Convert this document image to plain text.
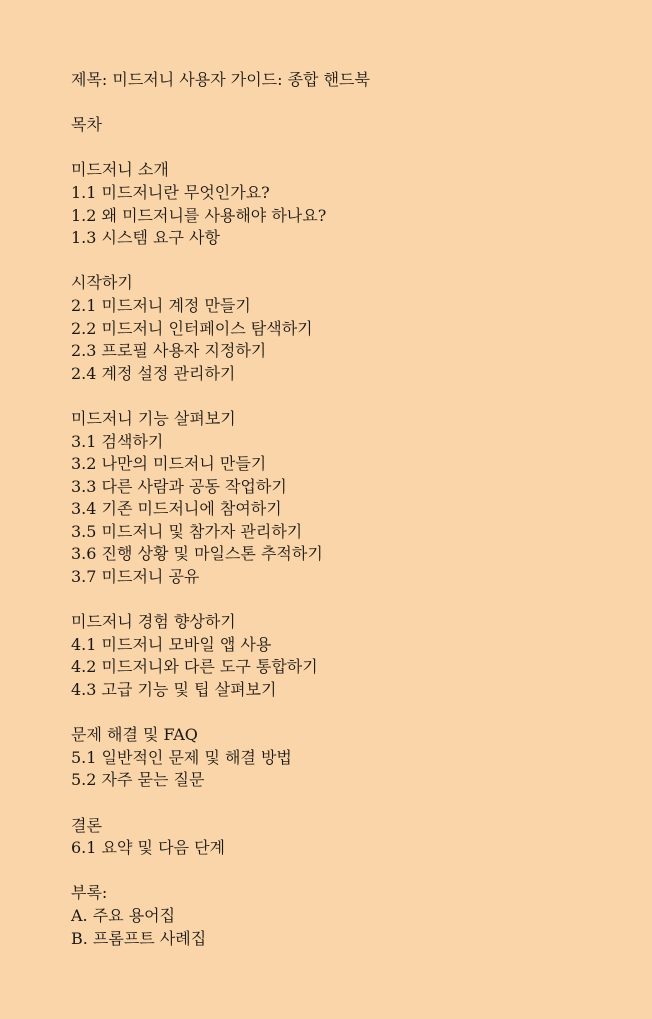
제목: 미드저니 사용자 가이드: 종합 핸드북

목차

미드저니 소개

1.1 미드저니란 무엇인가요?

1.2 왜 미드저니를 사용해야 하나요?

1.3 시스템 요구 사항

시작하기

2.1 미드저니 계정 만들기

2.2 미드저니 인터페이스 탐색하기

2.3 프로필 사용자 지정하기

2.4 계정 설정 관리하기

미드저니 기능 살펴보기

3.1 검색하기

3.2 나만의 미드저니 만들기

3.3 다른 사람과 공동 작업하기

3.4 기존 미드저니에 참여하기

3.5 미드저니 및 참가자 관리하기

3.6 진행 상황 및 마일스톤 추적하기

3.7 미드저니 공유

미드저니 경험 향상하기

4.1 미드저니 모바일 앱 사용

4.2 미드저니와 다른 도구 통합하기

4.3 고급 기능 및 팁 살펴보기

문제 해결 및 FAQ

5.1 일반적인 문제 및 해결 방법

5.2 자주 묻는 질문

결론

6.1 요약 및 다음 단계

부록:

A. 주요 용어집

B. 프롬프트 사례집
